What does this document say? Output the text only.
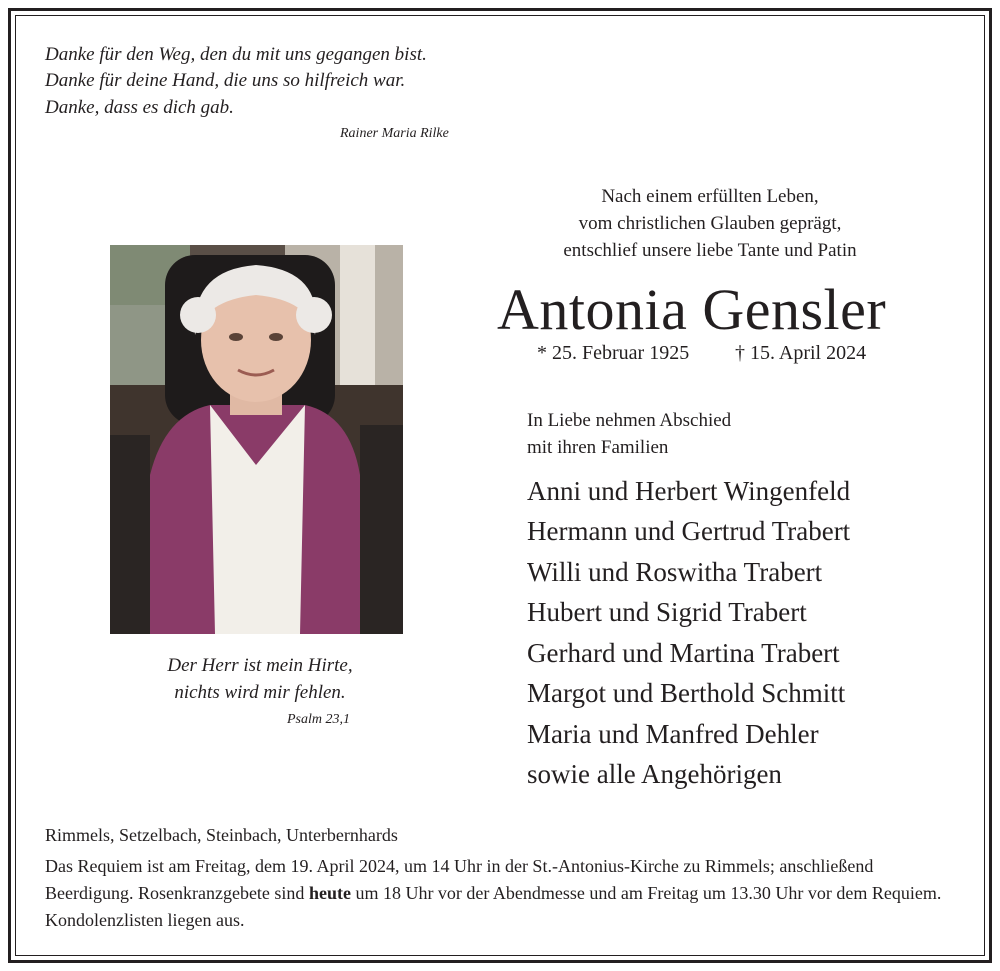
Danke für den Weg, den du mit uns gegangen bist.
Danke für deine Hand, die uns so hilfreich war.
Danke, dass es dich gab.
Rainer Maria Rilke
Nach einem erfüllten Leben,
vom christlichen Glauben geprägt,
entschlief unsere liebe Tante und Patin
Antonia Gensler
* 25. Februar 1925 † 15. April 2024
Der Herr ist mein Hirte,
nichts wird mir fehlen.
Psalm 23,1
In Liebe nehmen Abschied
mit ihren Familien
Anni und Herbert Wingenfeld
Hermann und Gertrud Trabert
Willi und Roswitha Trabert
Hubert und Sigrid Trabert
Gerhard und Martina Trabert
Margot und Berthold Schmitt
Maria und Manfred Dehler
sowie alle Angehörigen
Rimmels, Setzelbach, Steinbach, Unterbernhards
Das Requiem ist am Freitag, dem 19. April 2024, um 14 Uhr in der St.-Antonius-Kirche zu Rimmels; anschließend Beerdigung. Rosenkranzgebete sind heute um 18 Uhr vor der Abendmesse und am Freitag um 13.30 Uhr vor dem Requiem. Kondolenzlisten liegen aus.
